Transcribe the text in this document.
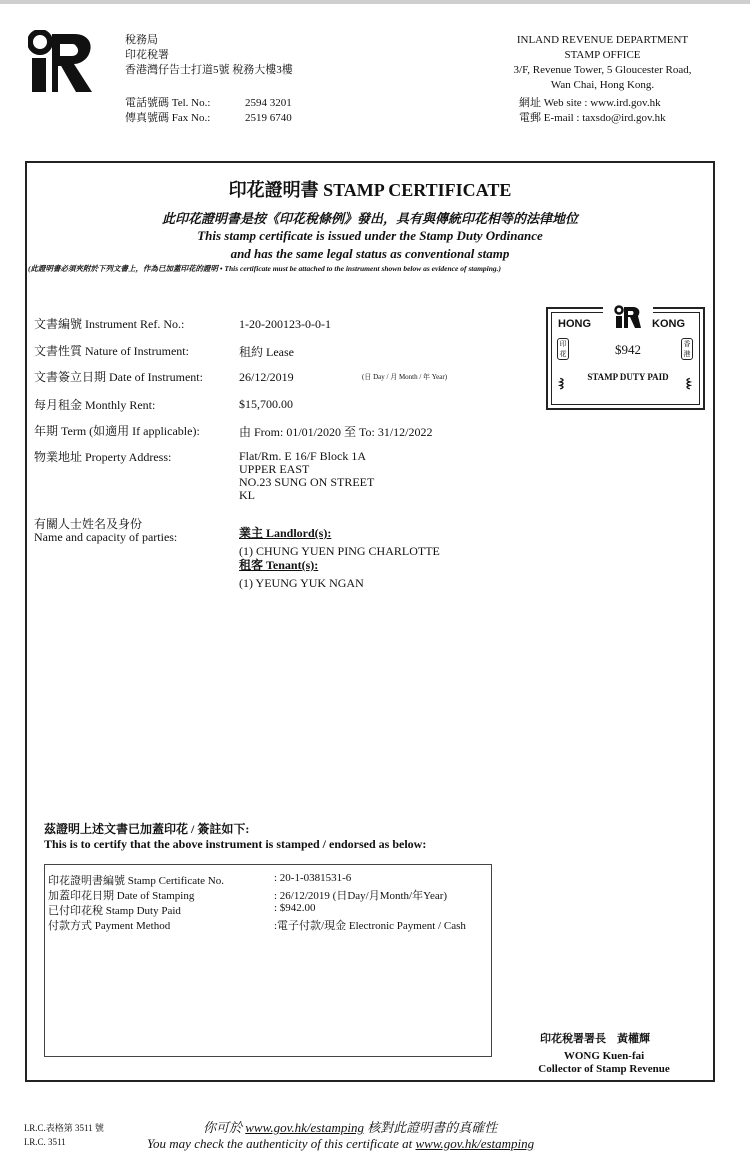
稅務局
印花稅署
香港灣仔告士打道5號 稅務大樓3樓
電話號碼 Tel. No.:	2594 3201
傳真號碼 Fax No.:	2519 6740
INLAND REVENUE DEPARTMENT
STAMP OFFICE
3/F, Revenue Tower, 5 Gloucester Road,
Wan Chai, Hong Kong.
網址 Web site : www.ird.gov.hk
電郵 E-mail : taxsdo@ird.gov.hk
印花證明書 STAMP CERTIFICATE
此印花證明書是按《印花稅條例》發出，具有與傳統印花相等的法律地位
This stamp certificate is issued under the Stamp Duty Ordinance
and has the same legal status as conventional stamp
(此證明書必須夾附於下列文書上，作為已加蓋印花的證明 • This certificate must be attached to the instrument shown below as evidence of stamping.)
文書編號 Instrument Ref. No.:	1-20-200123-0-0-1
文書性質 Nature of Instrument:	租約 Lease
文書簽立日期 Date of Instrument:	26/12/2019	(日 Day / 月 Month / 年 Year)
每月租金 Monthly Rent:	$15,700.00
年期 Term (如適用 If applicable):	由 From: 01/01/2020 至 To: 31/12/2022
物業地址 Property Address:	Flat/Rm. E 16/F Block 1A
UPPER EAST
NO.23 SUNG ON STREET
KL
有關人士姓名及身份
Name and capacity of parties:	業主 Landlord(s):
(1) CHUNG YUEN PING CHARLOTTE
租客 Tenant(s):
(1) YEUNG YUK NGAN
HONG	KONG
$942
STAMP DUTY PAID
印花
香港
茲證明上述文書已加蓋印花 / 簽註如下:
This is to certify that the above instrument is stamped / endorsed as below:
印花證明書編號 Stamp Certificate No.	: 20-1-0381531-6
加蓋印花日期 Date of Stamping	: 26/12/2019 (日Day/月Month/年Year)
已付印花稅 Stamp Duty Paid	: $942.00
付款方式 Payment Method	:電子付款/現金 Electronic Payment / Cash
印花稅署署長　黃權輝
WONG Kuen-fai
Collector of Stamp Revenue
I.R.C.表格第 3511 號
I.R.C. 3511
你可於 www.gov.hk/estamping 核對此證明書的真確性
You may check the authenticity of this certificate at www.gov.hk/estamping
